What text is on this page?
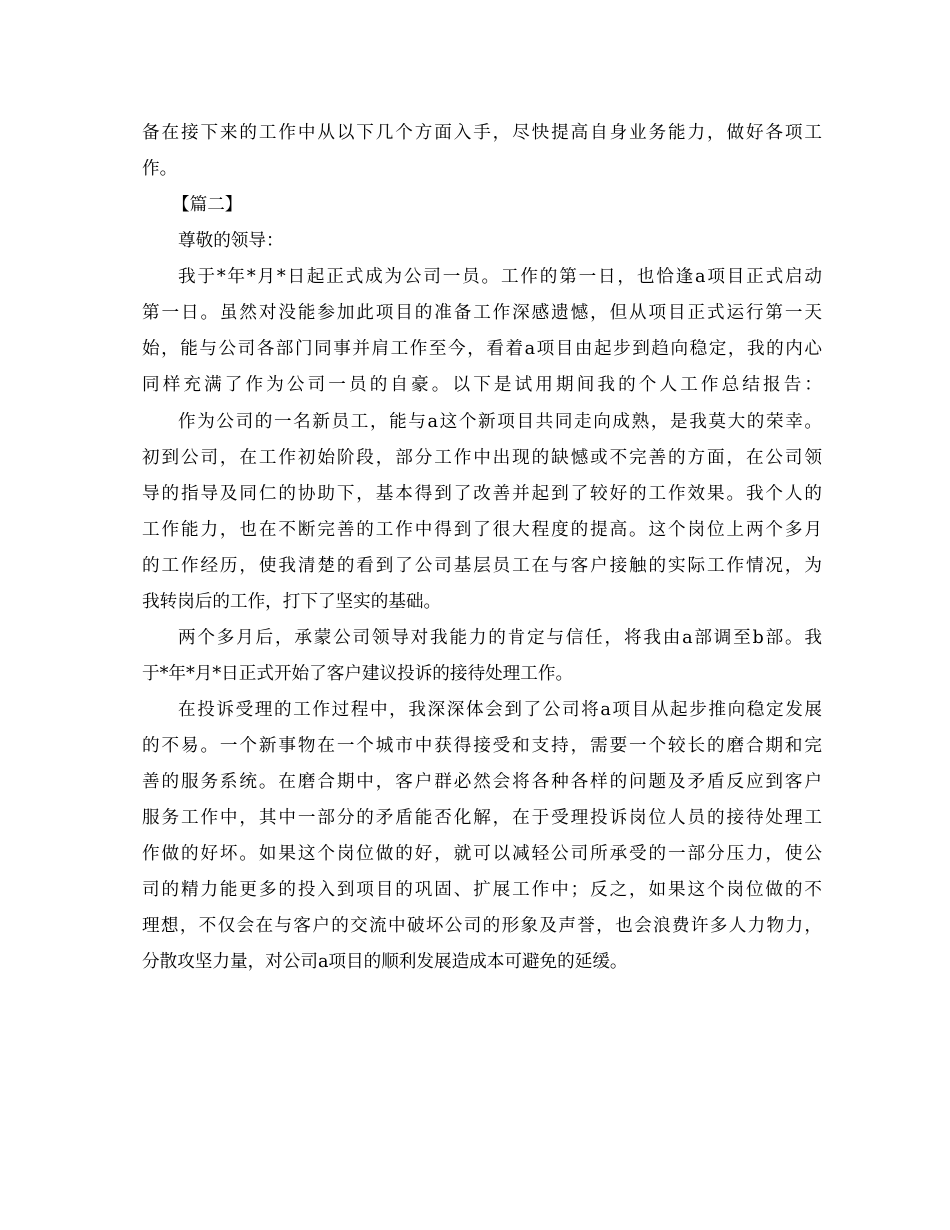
备在接下来的工作中从以下几个方面入手，尽快提高自身业务能力，做好各项工
作。
【篇二】
尊敬的领导：
我于*年*月*日起正式成为公司一员。工作的第一日，也恰逢a项目正式启动
第一日。虽然对没能参加此项目的准备工作深感遗憾，但从项目正式运行第一天
始，能与公司各部门同事并肩工作至今，看着a项目由起步到趋向稳定，我的内心
同样充满了作为公司一员的自豪。以下是试用期间我的个人工作总结报告：
作为公司的一名新员工，能与a这个新项目共同走向成熟，是我莫大的荣幸。
初到公司，在工作初始阶段，部分工作中出现的缺憾或不完善的方面，在公司领
导的指导及同仁的协助下，基本得到了改善并起到了较好的工作效果。我个人的
工作能力，也在不断完善的工作中得到了很大程度的提高。这个岗位上两个多月
的工作经历，使我清楚的看到了公司基层员工在与客户接触的实际工作情况，为
我转岗后的工作，打下了坚实的基础。
两个多月后，承蒙公司领导对我能力的肯定与信任，将我由a部调至b部。我
于*年*月*日正式开始了客户建议投诉的接待处理工作。
在投诉受理的工作过程中，我深深体会到了公司将a项目从起步推向稳定发展
的不易。一个新事物在一个城市中获得接受和支持，需要一个较长的磨合期和完
善的服务系统。在磨合期中，客户群必然会将各种各样的问题及矛盾反应到客户
服务工作中，其中一部分的矛盾能否化解，在于受理投诉岗位人员的接待处理工
作做的好坏。如果这个岗位做的好，就可以减轻公司所承受的一部分压力，使公
司的精力能更多的投入到项目的巩固、扩展工作中；反之，如果这个岗位做的不
理想，不仅会在与客户的交流中破坏公司的形象及声誉，也会浪费许多人力物力，
分散攻坚力量，对公司a项目的顺利发展造成本可避免的延缓。
